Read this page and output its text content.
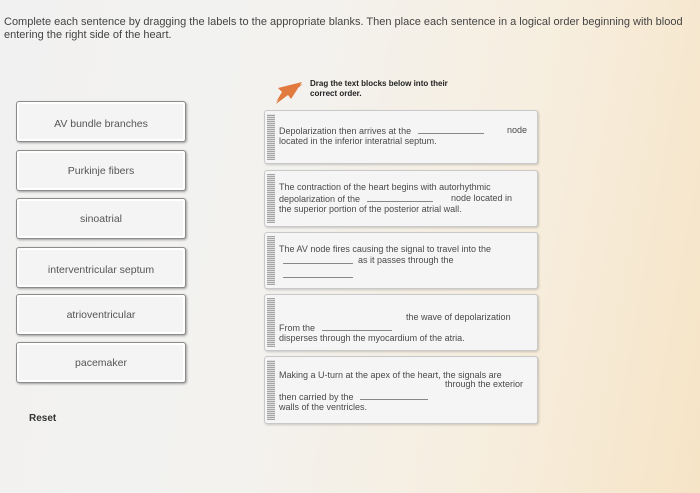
Complete each sentence by dragging the labels to the appropriate blanks. Then place each sentence in a logical order beginning with blood entering the right side of the heart.
AV bundle branches
Purkinje fibers
sinoatrial
interventricular septum
atrioventricular
pacemaker
Drag the text blocks below into their
correct order.
Depolarization then arrives at the	node
located in the inferior interatrial septum.
The contraction of the heart begins with autorhythmic
depolarization of the	node located in
the superior portion of the posterior atrial wall.
The AV node fires causing the signal to travel into the
as it passes through the
the wave of depolarization
From the
disperses through the myocardium of the atria.
Making a U-turn at the apex of the heart, the signals are
through the exterior
then carried by the
walls of the ventricles.
Reset
